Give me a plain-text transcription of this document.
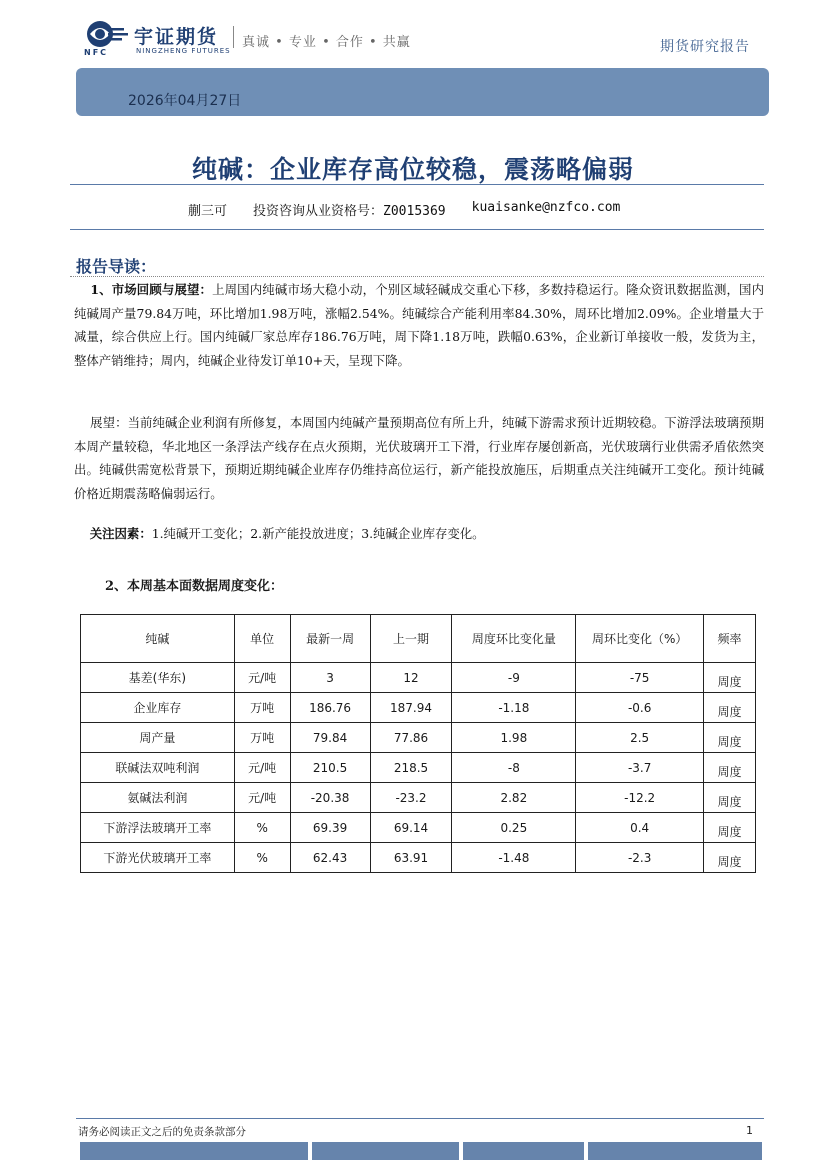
NFC
宇证期货
NINGZHENG FUTURES
真诚 • 专业 • 合作 • 共赢	期货研究报告
2026年04月27日
纯碱：企业库存高位较稳，震荡略偏弱
蒯三可 投资咨询从业资格号：Z0015369 kuaisanke@nzfco.com
报告导读：
1、市场回顾与展望：上周国内纯碱市场大稳小动，个别区域轻碱成交重心下移，多数持稳运行。隆众资讯数据监测，国内纯碱周产量79.84万吨，环比增加1.98万吨，涨幅2.54%。纯碱综合产能利用率84.30%，周环比增加2.09%。企业增量大于减量，综合供应上行。国内纯碱厂家总库存186.76万吨，周下降1.18万吨，跌幅0.63%，企业新订单接收一般，发货为主，整体产销维持；周内，纯碱企业待发订单10+天，呈现下降。
展望：当前纯碱企业利润有所修复，本周国内纯碱产量预期高位有所上升，纯碱下游需求预计近期较稳。下游浮法玻璃预期本周产量较稳，华北地区一条浮法产线存在点火预期，光伏玻璃开工下滑，行业库存屡创新高，光伏玻璃行业供需矛盾依然突出。纯碱供需宽松背景下，预期近期纯碱企业库存仍维持高位运行，新产能投放施压，后期重点关注纯碱开工变化。预计纯碱价格近期震荡略偏弱运行。
关注因素：1.纯碱开工变化；2.新产能投放进度；3.纯碱企业库存变化。
2、本周基本面数据周度变化：
纯碱	单位	最新一周	上一期	周度环比变化量	周环比变化（%）	频率
基差(华东)	元/吨	3	12	-9	-75	周度
企业库存	万吨	186.76	187.94	-1.18	-0.6	周度
周产量	万吨	79.84	77.86	1.98	2.5	周度
联碱法双吨利润	元/吨	210.5	218.5	-8	-3.7	周度
氨碱法利润	元/吨	-20.38	-23.2	2.82	-12.2	周度
下游浮法玻璃开工率	%	69.39	69.14	0.25	0.4	周度
下游光伏玻璃开工率	%	62.43	63.91	-1.48	-2.3	周度
请务必阅读正文之后的免责条款部分	1
